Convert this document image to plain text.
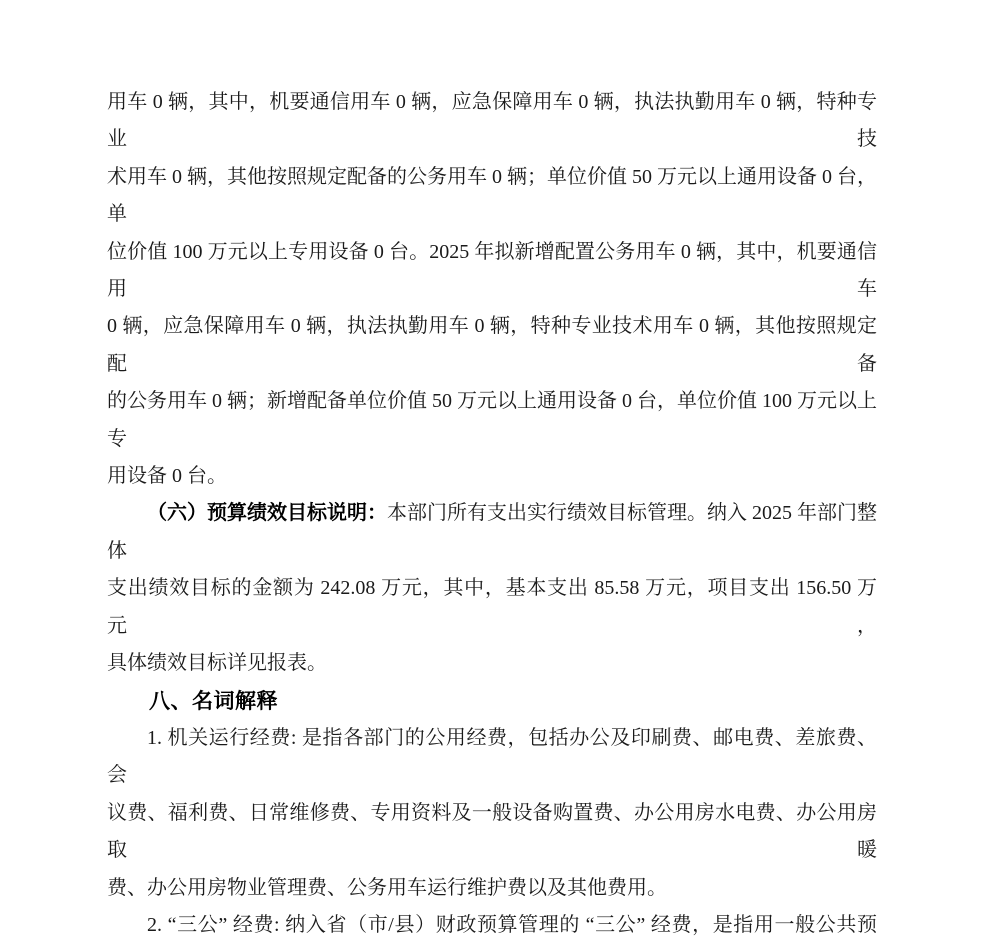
用车 0 辆，其中，机要通信用车 0 辆，应急保障用车 0 辆，执法执勤用车 0 辆，特种专业技
术用车 0 辆，其他按照规定配备的公务用车 0 辆；单位价值 50 万元以上通用设备 0 台，单
位价值 100 万元以上专用设备 0 台。2025 年拟新增配置公务用车 0 辆，其中，机要通信用车
0 辆，应急保障用车 0 辆，执法执勤用车 0 辆，特种专业技术用车 0 辆，其他按照规定配备
的公务用车 0 辆；新增配备单位价值 50 万元以上通用设备 0 台，单位价值 100 万元以上专
用设备 0 台。
（六）预算绩效目标说明：本部门所有支出实行绩效目标管理。纳入 2025 年部门整体
支出绩效目标的金额为 242.08 万元，其中，基本支出 85.58 万元，项目支出 156.50 万元，
具体绩效目标详见报表。
八、名词解释
1. 机关运行经费: 是指各部门的公用经费，包括办公及印刷费、邮电费、差旅费、会
议费、福利费、日常维修费、专用资料及一般设备购置费、办公用房水电费、办公用房取暖
费、办公用房物业管理费、公务用车运行维护费以及其他费用。
2. “三公” 经费: 纳入省（市/县）财政预算管理的 “三公” 经费，是指用一般公共预
